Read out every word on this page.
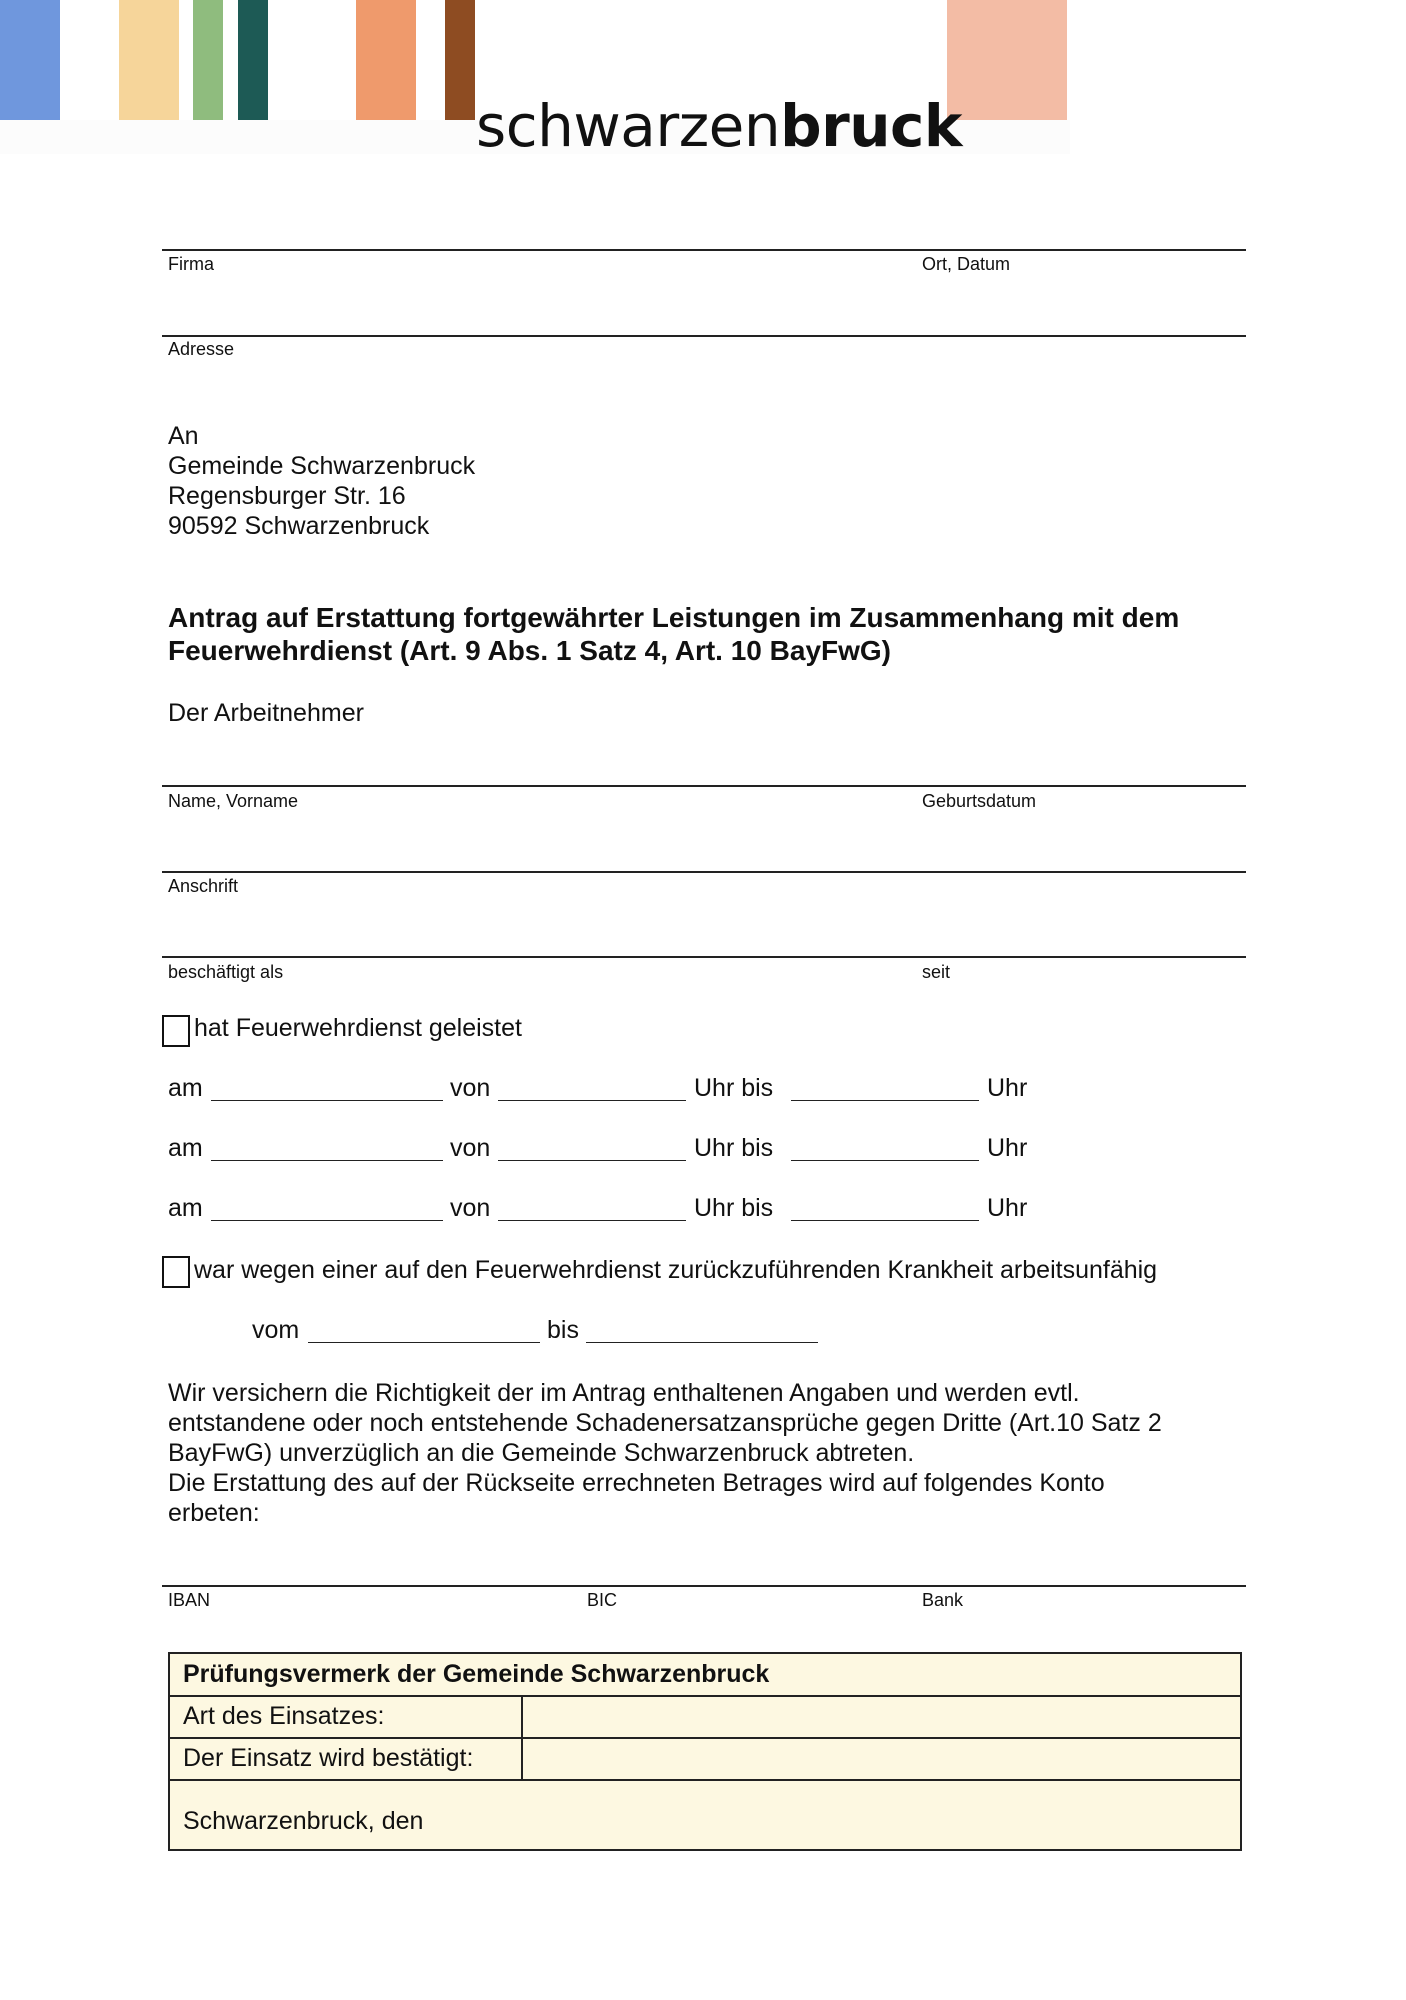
schwarzenbruck
Firma	Ort, Datum
Adresse
An
Gemeinde Schwarzenbruck
Regensburger Str. 16
90592 Schwarzenbruck
Antrag auf Erstattung fortgewährter Leistungen im Zusammenhang mit dem Feuerwehrdienst (Art. 9 Abs. 1 Satz 4, Art. 10 BayFwG)
Der Arbeitnehmer
Name, Vorname	Geburtsdatum
Anschrift
beschäftigt als	seit
hat Feuerwehrdienst geleistet
am	von	Uhr bis	Uhr
am	von	Uhr bis	Uhr
am	von	Uhr bis	Uhr
war wegen einer auf den Feuerwehrdienst zurückzuführenden Krankheit arbeitsunfähig
vom	bis
Wir versichern die Richtigkeit der im Antrag enthaltenen Angaben und werden evtl.
entstandene oder noch entstehende Schadenersatzansprüche gegen Dritte (Art.10 Satz 2
BayFwG) unverzüglich an die Gemeinde Schwarzenbruck abtreten.
Die Erstattung des auf der Rückseite errechneten Betrages wird auf folgendes Konto
erbeten:
IBAN	BIC	Bank
Prüfungsvermerk der Gemeinde Schwarzenbruck
Art des Einsatzes:
Der Einsatz wird bestätigt:
Schwarzenbruck, den
